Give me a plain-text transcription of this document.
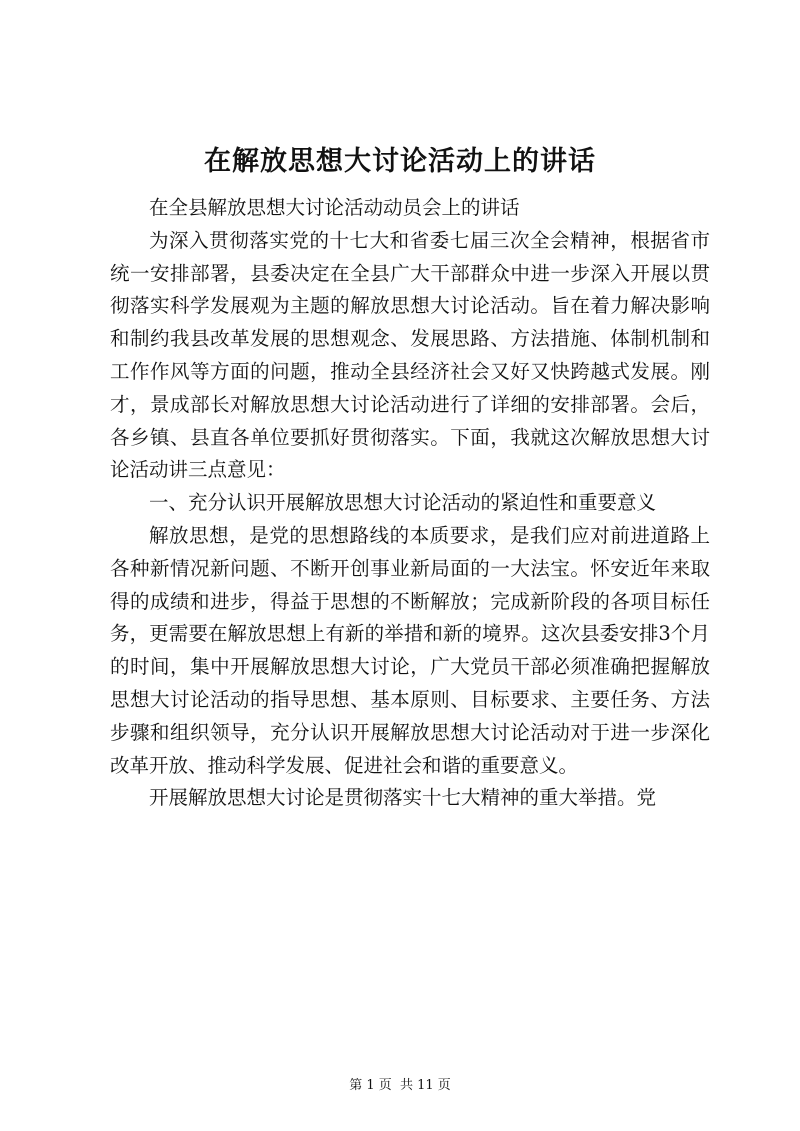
在解放思想大讨论活动上的讲话

在全县解放思想大讨论活动动员会上的讲话

为深入贯彻落实党的十七大和省委七届三次全会精神，根据省市统一安排部署，县委决定在全县广大干部群众中进一步深入开展以贯彻落实科学发展观为主题的解放思想大讨论活动。旨在着力解决影响和制约我县改革发展的思想观念、发展思路、方法措施、体制机制和工作作风等方面的问题，推动全县经济社会又好又快跨越式发展。刚才，景成部长对解放思想大讨论活动进行了详细的安排部署。会后，各乡镇、县直各单位要抓好贯彻落实。下面，我就这次解放思想大讨论活动讲三点意见：

一、充分认识开展解放思想大讨论活动的紧迫性和重要意义

解放思想，是党的思想路线的本质要求，是我们应对前进道路上各种新情况新问题、不断开创事业新局面的一大法宝。怀安近年来取得的成绩和进步，得益于思想的不断解放；完成新阶段的各项目标任务，更需要在解放思想上有新的举措和新的境界。这次县委安排3个月的时间，集中开展解放思想大讨论，广大党员干部必须准确把握解放思想大讨论活动的指导思想、基本原则、目标要求、主要任务、方法步骤和组织领导，充分认识开展解放思想大讨论活动对于进一步深化改革开放、推动科学发展、促进社会和谐的重要意义。

开展解放思想大讨论是贯彻落实十七大精神的重大举措。党

第 1 页  共 11 页
